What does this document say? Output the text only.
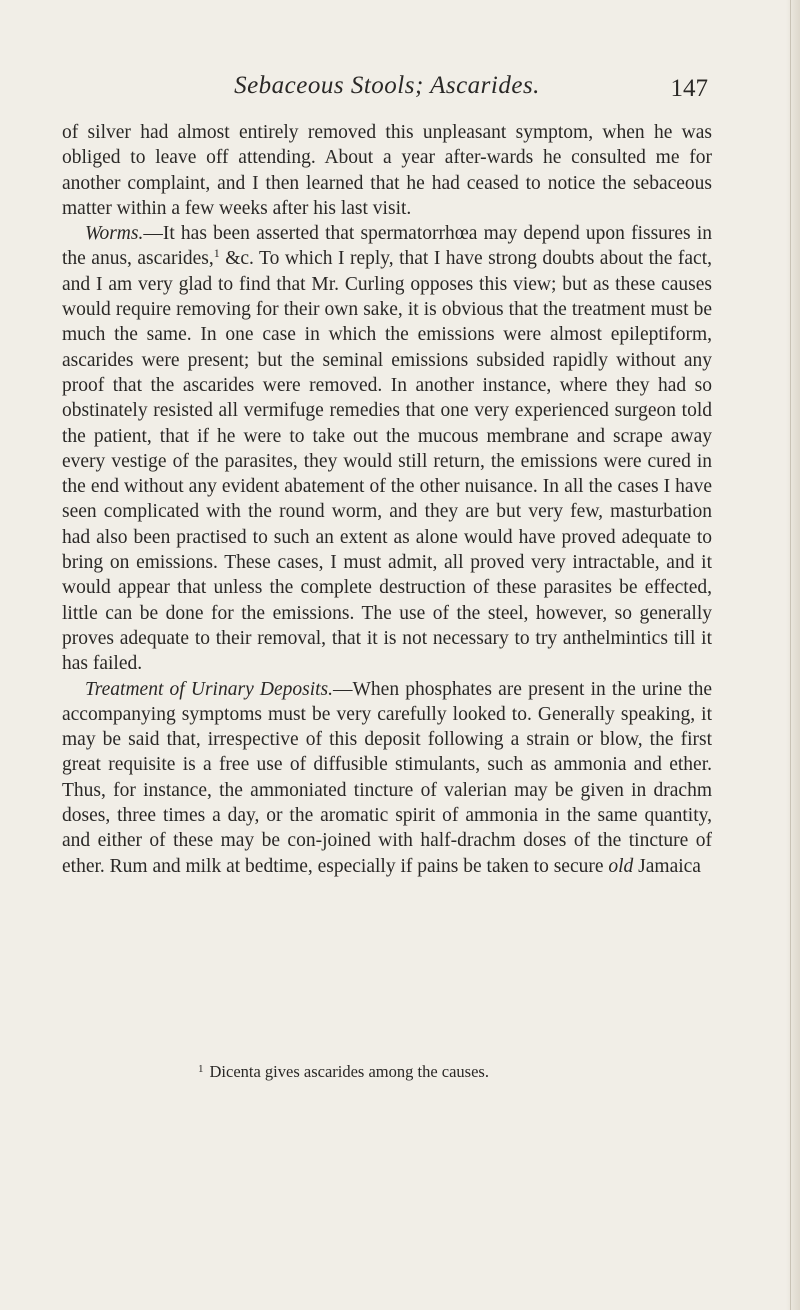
Sebaceous Stools; Ascarides.	147

of silver had almost entirely removed this unpleasant symptom, when he was obliged to leave off attending. About a year after-wards he consulted me for another complaint, and I then learned that he had ceased to notice the sebaceous matter within a few weeks after his last visit.

Worms.—It has been asserted that spermatorrhœa may depend upon fissures in the anus, ascarides,$^1$ &c. To which I reply, that I have strong doubts about the fact, and I am very glad to find that Mr. Curling opposes this view; but as these causes would require removing for their own sake, it is obvious that the treatment must be much the same. In one case in which the emissions were almost epileptiform, ascarides were present; but the seminal emissions subsided rapidly without any proof that the ascarides were removed. In another instance, where they had so obstinately resisted all vermifuge remedies that one very experienced surgeon told the patient, that if he were to take out the mucous membrane and scrape away every vestige of the parasites, they would still return, the emissions were cured in the end without any evident abatement of the other nuisance. In all the cases I have seen complicated with the round worm, and they are but very few, masturbation had also been practised to such an extent as alone would have proved adequate to bring on emissions. These cases, I must admit, all proved very intractable, and it would appear that unless the complete destruction of these parasites be effected, little can be done for the emissions. The use of the steel, however, so generally proves adequate to their removal, that it is not necessary to try anthelmintics till it has failed.

Treatment of Urinary Deposits.—When phosphates are present in the urine the accompanying symptoms must be very carefully looked to. Generally speaking, it may be said that, irrespective of this deposit following a strain or blow, the first great requisite is a free use of diffusible stimulants, such as ammonia and ether. Thus, for instance, the ammoniated tincture of valerian may be given in drachm doses, three times a day, or the aromatic spirit of ammonia in the same quantity, and either of these may be con-joined with half-drachm doses of the tincture of ether. Rum and milk at bedtime, especially if pains be taken to secure old Jamaica

$^1$ Dicenta gives ascarides among the causes.
